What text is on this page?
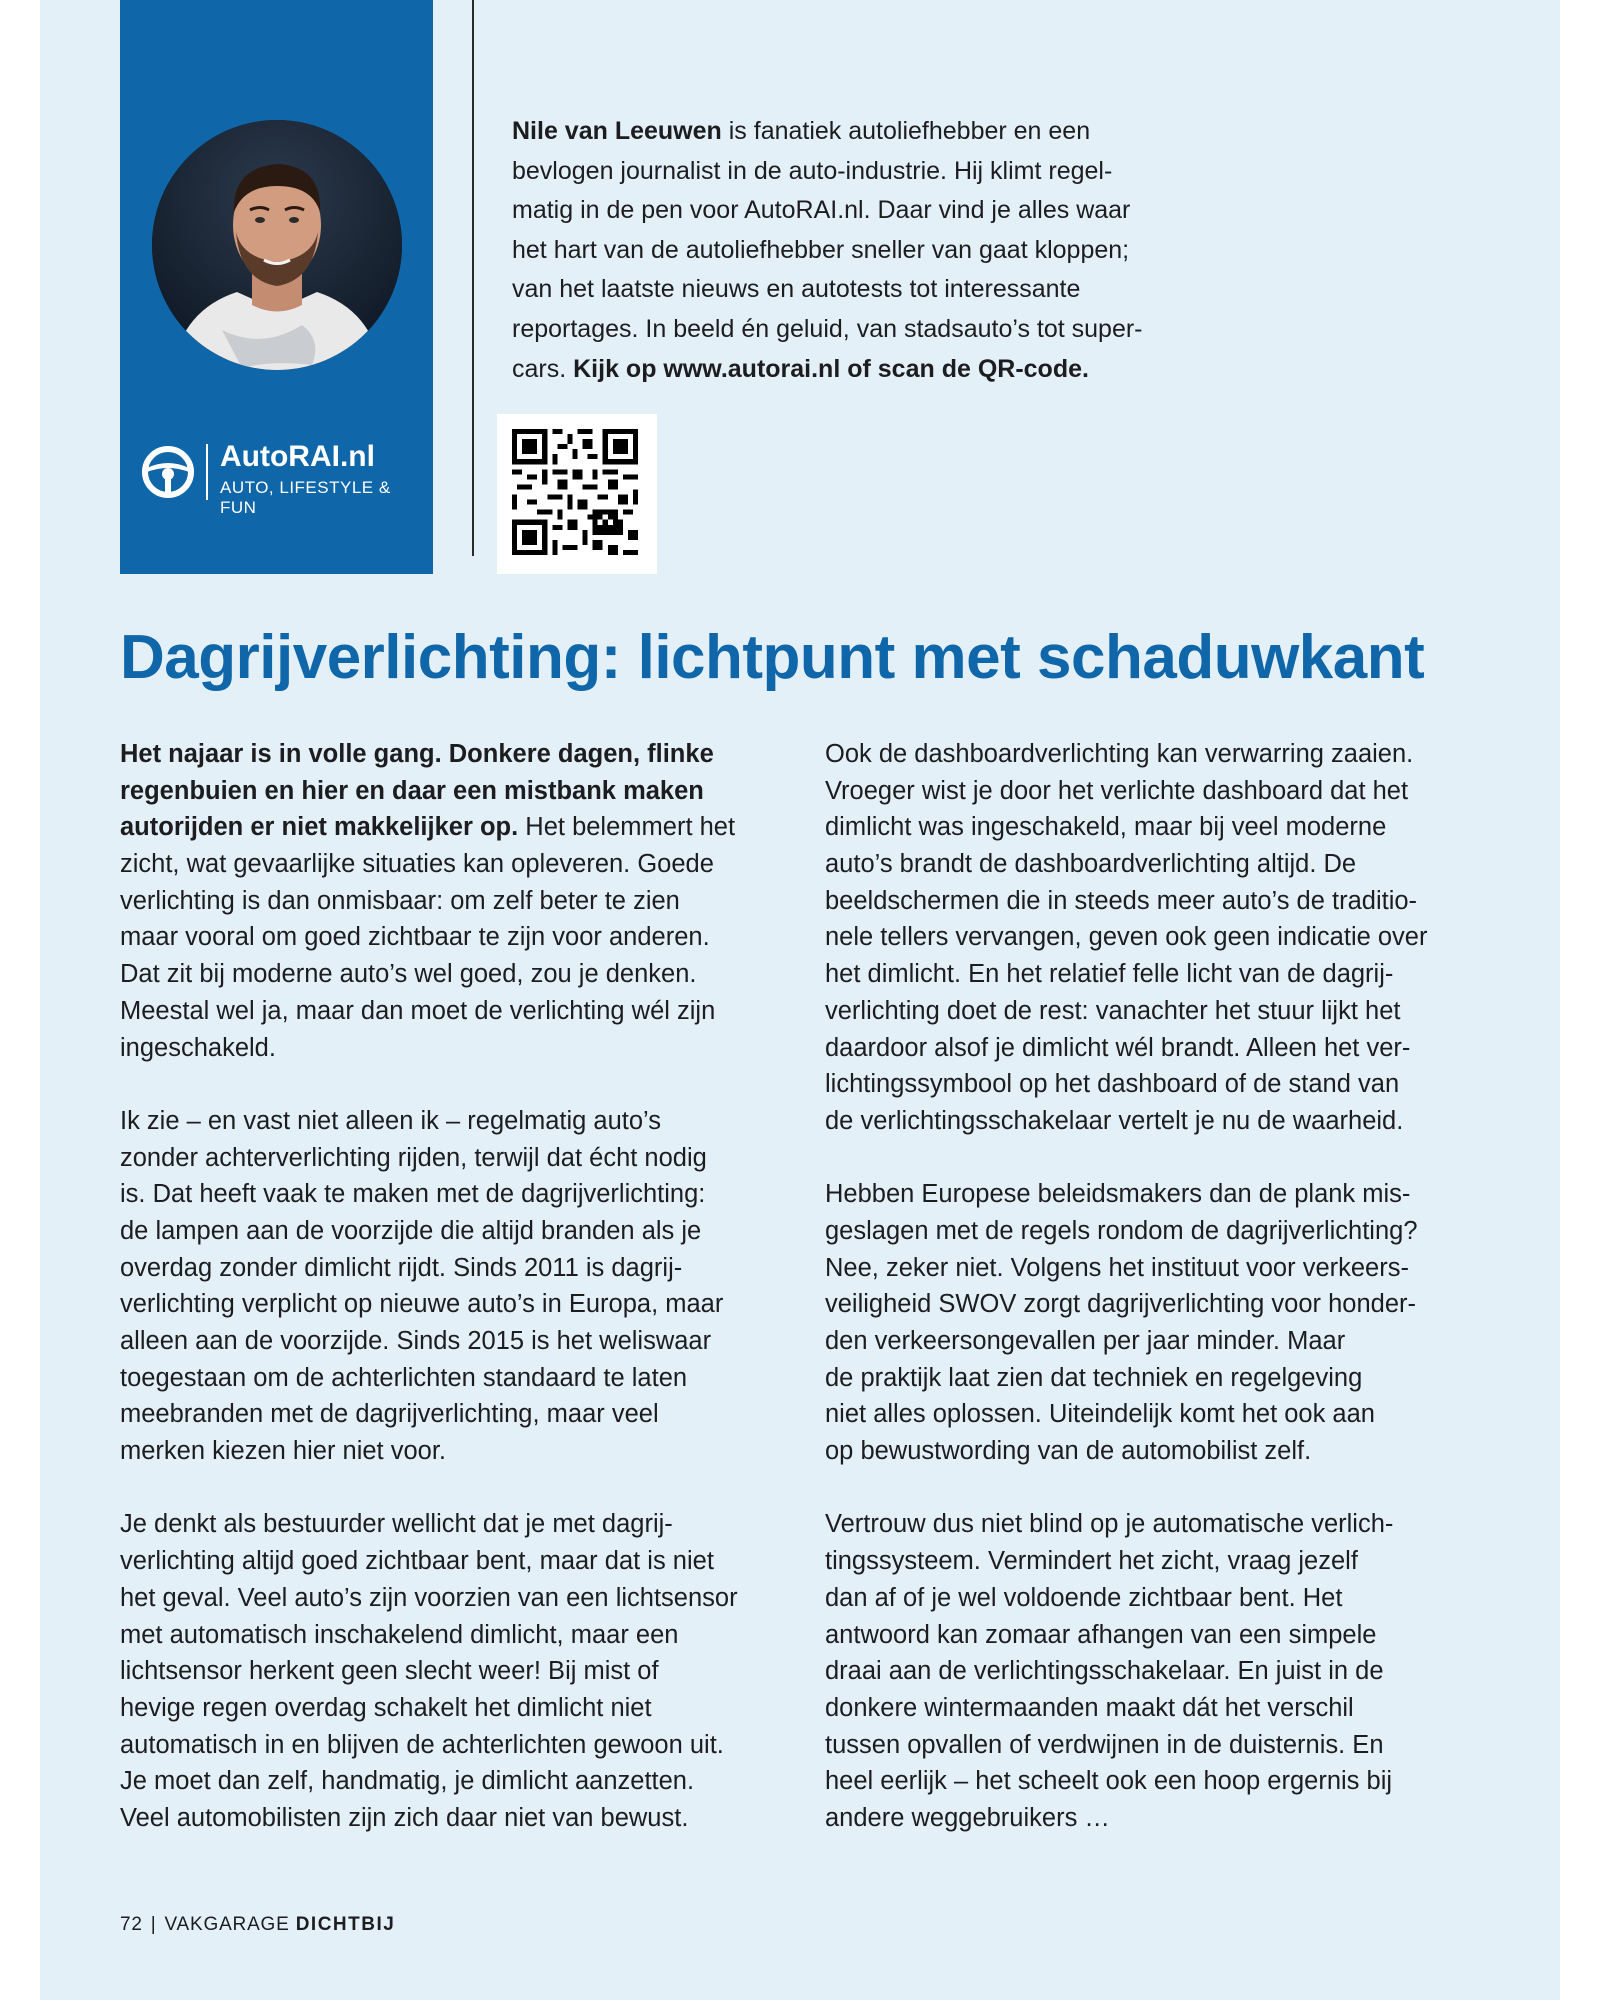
AutoRAI.nl
AUTO, LIFESTYLE & FUN
Nile van Leeuwen is fanatiek autoliefhebber en een
bevlogen journalist in de auto-industrie. Hij klimt regel-
matig in de pen voor AutoRAI.nl. Daar vind je alles waar
het hart van de autoliefhebber sneller van gaat kloppen;
van het laatste nieuws en autotests tot interessante
reportages. In beeld én geluid, van stadsauto’s tot super-
cars. Kijk op www.autorai.nl of scan de QR-code.
Dagrijverlichting: lichtpunt met schaduwkant
Het najaar is in volle gang. Donkere dagen, flinke
regenbuien en hier en daar een mistbank maken
autorijden er niet makkelijker op. Het belemmert het
zicht, wat gevaarlijke situaties kan opleveren. Goede
verlichting is dan onmisbaar: om zelf beter te zien
maar vooral om goed zichtbaar te zijn voor anderen.
Dat zit bij moderne auto’s wel goed, zou je denken.
Meestal wel ja, maar dan moet de verlichting wél zijn
ingeschakeld.
Ik zie – en vast niet alleen ik – regelmatig auto’s
zonder achterverlichting rijden, terwijl dat écht nodig
is. Dat heeft vaak te maken met de dagrijverlichting:
de lampen aan de voorzijde die altijd branden als je
overdag zonder dimlicht rijdt. Sinds 2011 is dagrij-
verlichting verplicht op nieuwe auto’s in Europa, maar
alleen aan de voorzijde. Sinds 2015 is het weliswaar
toegestaan om de achterlichten standaard te laten
meebranden met de dagrijverlichting, maar veel
merken kiezen hier niet voor.
Je denkt als bestuurder wellicht dat je met dagrij-
verlichting altijd goed zichtbaar bent, maar dat is niet
het geval. Veel auto’s zijn voorzien van een lichtsensor
met automatisch inschakelend dimlicht, maar een
lichtsensor herkent geen slecht weer! Bij mist of
hevige regen overdag schakelt het dimlicht niet
automatisch in en blijven de achterlichten gewoon uit.
Je moet dan zelf, handmatig, je dimlicht aanzetten.
Veel automobilisten zijn zich daar niet van bewust.
Ook de dashboardverlichting kan verwarring zaaien.
Vroeger wist je door het verlichte dashboard dat het
dimlicht was ingeschakeld, maar bij veel moderne
auto’s brandt de dashboardverlichting altijd. De
beeldschermen die in steeds meer auto’s de traditio-
nele tellers vervangen, geven ook geen indicatie over
het dimlicht. En het relatief felle licht van de dagrij-
verlichting doet de rest: vanachter het stuur lijkt het
daardoor alsof je dimlicht wél brandt. Alleen het ver-
lichtingssymbool op het dashboard of de stand van
de verlichtingsschakelaar vertelt je nu de waarheid.
Hebben Europese beleidsmakers dan de plank mis-
geslagen met de regels rondom de dagrijverlichting?
Nee, zeker niet. Volgens het instituut voor verkeers-
veiligheid SWOV zorgt dagrijverlichting voor honder-
den verkeersongevallen per jaar minder. Maar
de praktijk laat zien dat techniek en regelgeving
niet alles oplossen. Uiteindelijk komt het ook aan
op bewustwording van de automobilist zelf.
Vertrouw dus niet blind op je automatische verlich-
tingssysteem. Vermindert het zicht, vraag jezelf
dan af of je wel voldoende zichtbaar bent. Het
antwoord kan zomaar afhangen van een simpele
draai aan de verlichtingsschakelaar. En juist in de
donkere wintermaanden maakt dát het verschil
tussen opvallen of verdwijnen in de duisternis. En
heel eerlijk – het scheelt ook een hoop ergernis bij
andere weggebruikers …
72 | VAKGARAGE DICHTBIJ
